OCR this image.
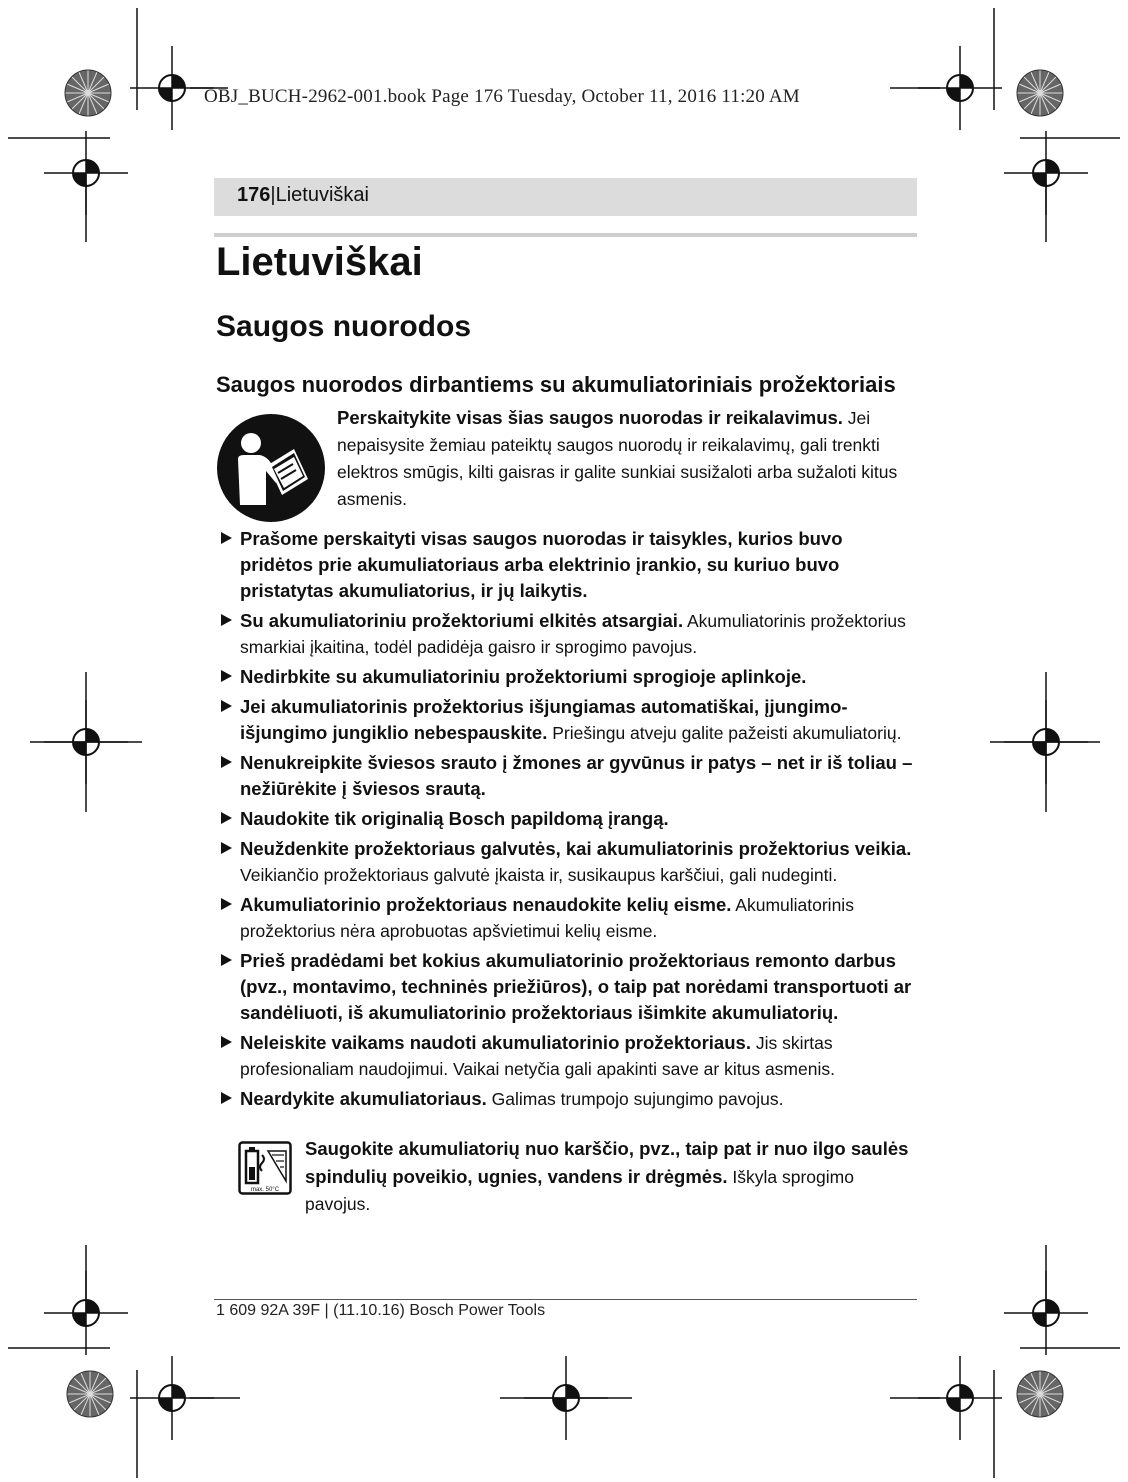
OBJ_BUCH-2962-001.book Page 176 Tuesday, October 11, 2016 11:20 AM
176|Lietuviškai
Lietuviškai
Saugos nuorodos
Saugos nuorodos dirbantiems su akumuliatoriniais prožektoriais
Perskaitykite visas šias saugos nuorodas ir reikalavimus. Jei nepaisysite žemiau pateiktų saugos nuorodų ir reikalavimų, gali trenkti elektros smūgis, kilti gaisras ir galite sunkiai susižaloti arba sužaloti kitus asmenis.
Prašome perskaityti visas saugos nuorodas ir taisykles, kurios buvo pridėtos prie akumuliatoriaus arba elektrinio įrankio, su kuriuo buvo pristatytas akumuliatorius, ir jų laikytis.
Su akumuliatoriniu prožektoriumi elkitės atsargiai. Akumuliatorinis prožektorius smarkiai įkaitina, todėl padidėja gaisro ir sprogimo pavojus.
Nedirbkite su akumuliatoriniu prožektoriumi sprogioje aplinkoje.
Jei akumuliatorinis prožektorius išjungiamas automatiškai, įjungimo-išjungimo jungiklio nebespauskite. Priešingu atveju galite pažeisti akumuliatorių.
Nenukreipkite šviesos srauto į žmones ar gyvūnus ir patys – net ir iš toliau – nežiūrėkite į šviesos srautą.
Naudokite tik originalią Bosch papildomą įrangą.
Neuždenkite prožektoriaus galvutės, kai akumuliatorinis prožektorius veikia. Veikiančio prožektoriaus galvutė įkaista ir, susikaupus karščiui, gali nudeginti.
Akumuliatorinio prožektoriaus nenaudokite kelių eisme. Akumuliatorinis prožektorius nėra aprobuotas apšvietimui kelių eisme.
Prieš pradėdami bet kokius akumuliatorinio prožektoriaus remonto darbus (pvz., montavimo, techninės priežiūros), o taip pat norėdami transportuoti ar sandėliuoti, iš akumuliatorinio prožektoriaus išimkite akumuliatorių.
Neleiskite vaikams naudoti akumuliatorinio prožektoriaus. Jis skirtas profesionaliam naudojimui. Vaikai netyčia gali apakinti save ar kitus asmenis.
Neardykite akumuliatoriaus. Galimas trumpojo sujungimo pavojus.
max. 50°C
Saugokite akumuliatorių nuo karščio, pvz., taip pat ir nuo ilgo saulės spindulių poveikio, ugnies, vandens ir drėgmės. Iškyla sprogimo pavojus.
1 609 92A 39F | (11.10.16) Bosch Power Tools
